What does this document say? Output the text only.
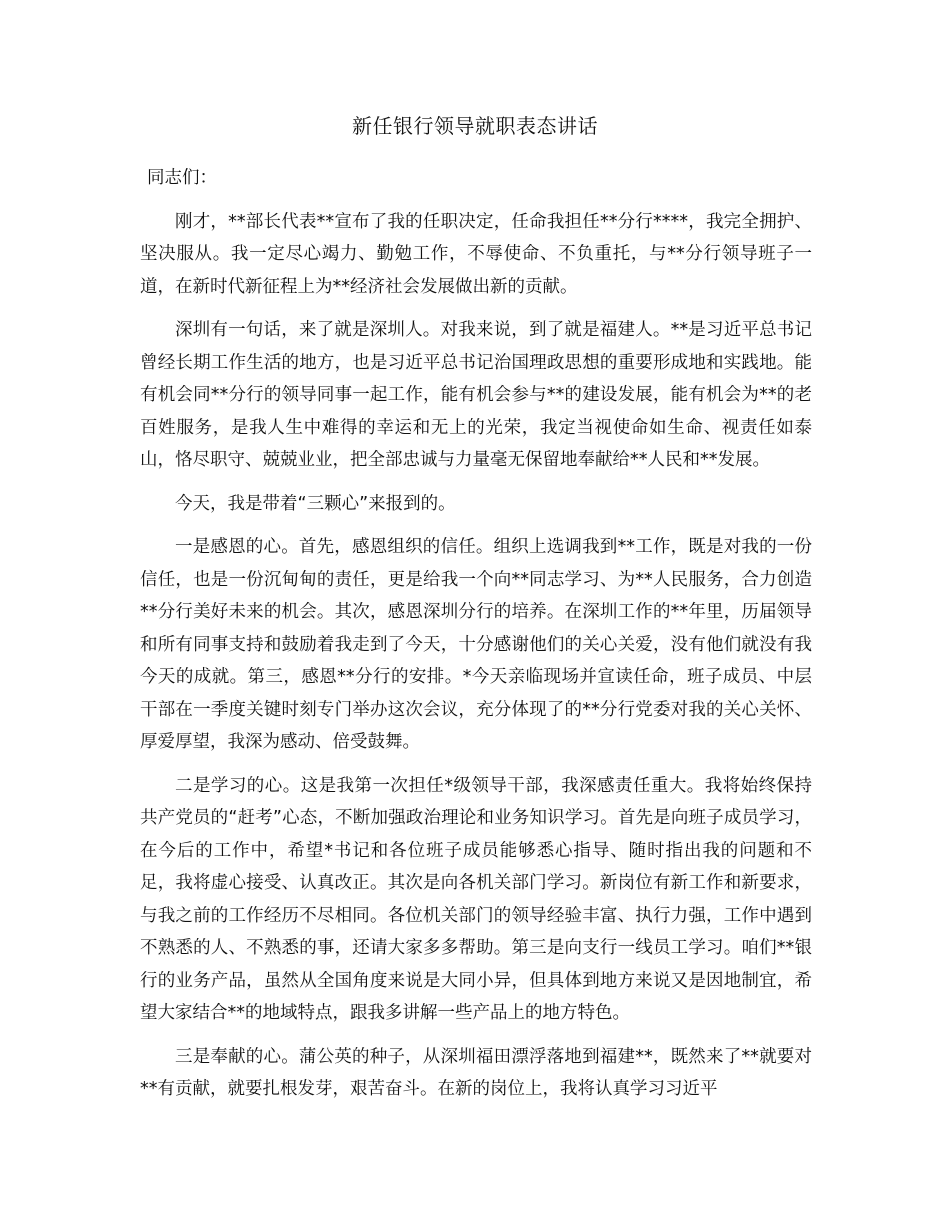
新任银行领导就职表态讲话

同志们：

刚才，**部长代表**宣布了我的任职决定，任命我担任**分行****，我完全拥护、坚决服从。我一定尽心竭力、勤勉工作，不辱使命、不负重托，与**分行领导班子一道，在新时代新征程上为**经济社会发展做出新的贡献。

深圳有一句话，来了就是深圳人。对我来说，到了就是福建人。**是习近平总书记曾经长期工作生活的地方，也是习近平总书记治国理政思想的重要形成地和实践地。能有机会同**分行的领导同事一起工作，能有机会参与**的建设发展，能有机会为**的老百姓服务，是我人生中难得的幸运和无上的光荣，我定当视使命如生命、视责任如泰山，恪尽职守、兢兢业业，把全部忠诚与力量毫无保留地奉献给**人民和**发展。

今天，我是带着“三颗心”来报到的。

一是感恩的心。首先，感恩组织的信任。组织上选调我到**工作，既是对我的一份信任，也是一份沉甸甸的责任，更是给我一个向**同志学习、为**人民服务，合力创造**分行美好未来的机会。其次，感恩深圳分行的培养。在深圳工作的**年里，历届领导和所有同事支持和鼓励着我走到了今天，十分感谢他们的关心关爱，没有他们就没有我今天的成就。第三，感恩**分行的安排。*今天亲临现场并宣读任命，班子成员、中层干部在一季度关键时刻专门举办这次会议，充分体现了的**分行党委对我的关心关怀、厚爱厚望，我深为感动、倍受鼓舞。

二是学习的心。这是我第一次担任*级领导干部，我深感责任重大。我将始终保持共产党员的“赶考”心态，不断加强政治理论和业务知识学习。首先是向班子成员学习，在今后的工作中，希望*书记和各位班子成员能够悉心指导、随时指出我的问题和不足，我将虚心接受、认真改正。其次是向各机关部门学习。新岗位有新工作和新要求，与我之前的工作经历不尽相同。各位机关部门的领导经验丰富、执行力强，工作中遇到不熟悉的人、不熟悉的事，还请大家多多帮助。第三是向支行一线员工学习。咱们**银行的业务产品，虽然从全国角度来说是大同小异，但具体到地方来说又是因地制宜，希望大家结合**的地域特点，跟我多讲解一些产品上的地方特色。

三是奉献的心。蒲公英的种子，从深圳福田漂浮落地到福建**，既然来了**就要对**有贡献，就要扎根发芽，艰苦奋斗。在新的岗位上，我将认真学习习近平
